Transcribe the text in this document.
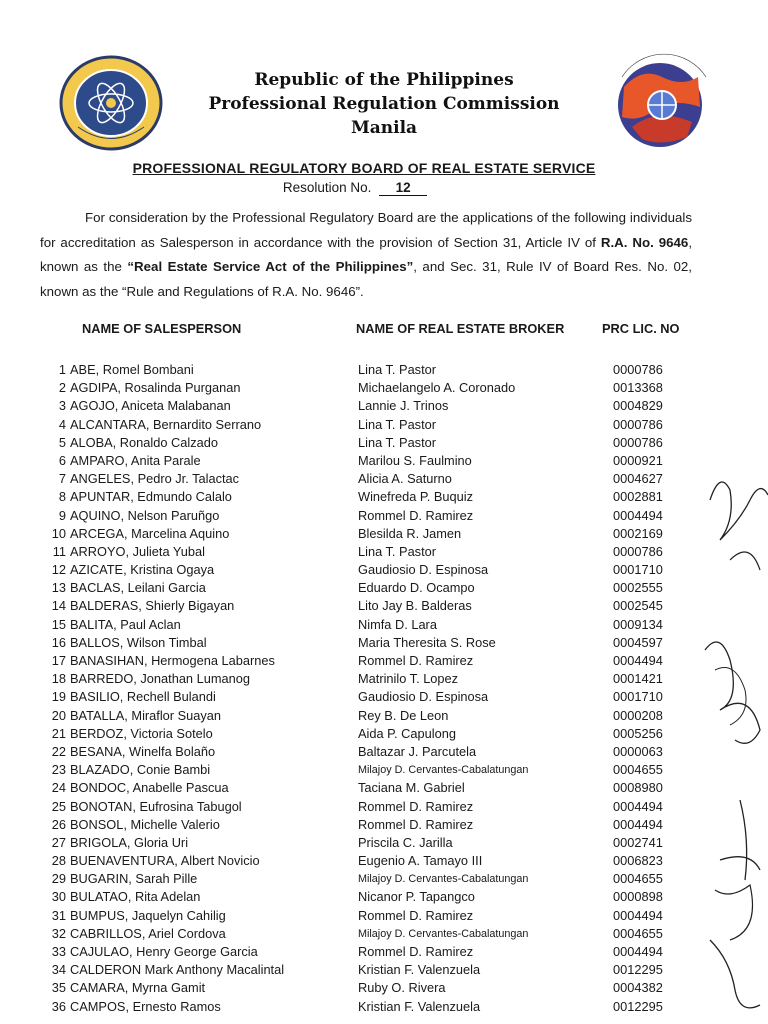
Republic of the Philippines
Professional Regulation Commission
Manila
PROFESSIONAL REGULATORY BOARD OF REAL ESTATE SERVICE
Resolution No. 12
For consideration by the Professional Regulatory Board are the applications of the following individuals for accreditation as Salesperson in accordance with the provision of Section 31, Article IV of R.A. No. 9646, known as the “Real Estate Service Act of the Philippines”, and Sec. 31, Rule IV of Board Res. No. 02, known as the “Rule and Regulations of R.A. No. 9646”.
NAME OF SALESPERSON	NAME OF REAL ESTATE BROKER	PRC LIC. NO
1 ABE, Romel Bombani	Lina T. Pastor	0000786
2 AGDIPA, Rosalinda Purganan	Michaelangelo A. Coronado	0013368
3 AGOJO, Aniceta Malabanan	Lannie J. Trinos	0004829
4 ALCANTARA, Bernardito Serrano	Lina T. Pastor	0000786
5 ALOBA, Ronaldo Calzado	Lina T. Pastor	0000786
6 AMPARO, Anita Parale	Marilou S. Faulmino	0000921
7 ANGELES, Pedro Jr. Talactac	Alicia A. Saturno	0004627
8 APUNTAR, Edmundo Calalo	Winefreda P. Buquiz	0002881
9 AQUINO, Nelson Paruñgo	Rommel D. Ramirez	0004494
10 ARCEGA, Marcelina Aquino	Blesilda R. Jamen	0002169
11 ARROYO, Julieta Yubal	Lina T. Pastor	0000786
12 AZICATE, Kristina Ogaya	Gaudiosio D. Espinosa	0001710
13 BACLAS, Leilani Garcia	Eduardo D. Ocampo	0002555
14 BALDERAS, Shierly Bigayan	Lito Jay B. Balderas	0002545
15 BALITA, Paul Aclan	Nimfa D. Lara	0009134
16 BALLOS, Wilson Timbal	Maria Theresita S. Rose	0004597
17 BANASIHAN, Hermogena Labarnes	Rommel D. Ramirez	0004494
18 BARREDO, Jonathan Lumanog	Matrinilo T. Lopez	0001421
19 BASILIO, Rechell Bulandi	Gaudiosio D. Espinosa	0001710
20 BATALLA, Miraflor Suayan	Rey B. De Leon	0000208
21 BERDOZ, Victoria Sotelo	Aida P. Capulong	0005256
22 BESANA, Winelfa Bolaño	Baltazar J. Parcutela	0000063
23 BLAZADO, Conie Bambi	Milajoy D. Cervantes-Cabalatungan	0004655
24 BONDOC, Anabelle Pascua	Taciana M. Gabriel	0008980
25 BONOTAN, Eufrosina Tabugol	Rommel D. Ramirez	0004494
26 BONSOL, Michelle Valerio	Rommel D. Ramirez	0004494
27 BRIGOLA, Gloria Uri	Priscila C. Jarilla	0002741
28 BUENAVENTURA, Albert Novicio	Eugenio A. Tamayo III	0006823
29 BUGARIN, Sarah Pille	Milajoy D. Cervantes-Cabalatungan	0004655
30 BULATAO, Rita Adelan	Nicanor P. Tapangco	0000898
31 BUMPUS, Jaquelyn Cahilig	Rommel D. Ramirez	0004494
32 CABRILLOS, Ariel Cordova	Milajoy D. Cervantes-Cabalatungan	0004655
33 CAJULAO, Henry George Garcia	Rommel D. Ramirez	0004494
34 CALDERON Mark Anthony Macalintal	Kristian F. Valenzuela	0012295
35 CAMARA, Myrna Gamit	Ruby O. Rivera	0004382
36 CAMPOS, Ernesto Ramos	Kristian F. Valenzuela	0012295
